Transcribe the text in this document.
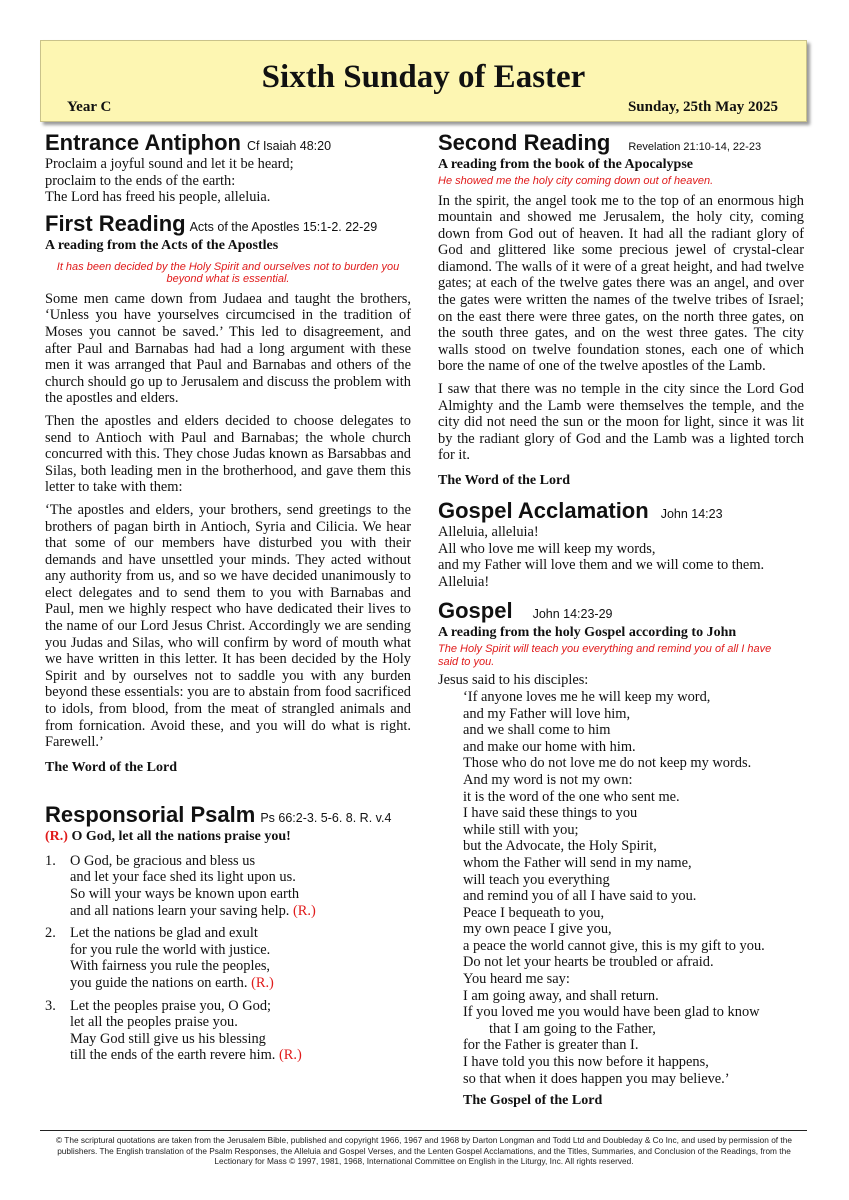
Sixth Sunday of Easter
Year C	Sunday, 25th May 2025
Entrance Antiphon Cf Isaiah 48:20
Proclaim a joyful sound and let it be heard;
proclaim to the ends of the earth:
The Lord has freed his people, alleluia.
First Reading Acts of the Apostles 15:1-2. 22-29
A reading from the Acts of the Apostles
It has been decided by the Holy Spirit and ourselves not to burden you beyond what is essential.

Some men came down from Judaea and taught the brothers, ‘Unless you have yourselves circumcised in the tradition of Moses you cannot be saved.’ This led to disagreement, and after Paul and Barnabas had had a long argument with these men it was arranged that Paul and Barnabas and others of the church should go up to Jerusalem and discuss the problem with the apostles and elders.

Then the apostles and elders decided to choose delegates to send to Antioch with Paul and Barnabas; the whole church concurred with this. They chose Judas known as Barsabbas and Silas, both leading men in the brotherhood, and gave them this letter to take with them:

‘The apostles and elders, your brothers, send greetings to the brothers of pagan birth in Antioch, Syria and Cilicia. We hear that some of our members have disturbed you with their demands and have unsettled your minds. They acted without any authority from us, and so we have decided unanimously to elect delegates and to send them to you with Barnabas and Paul, men we highly respect who have dedicated their lives to the name of our Lord Jesus Christ. Accordingly we are sending you Judas and Silas, who will confirm by word of mouth what we have written in this letter. It has been decided by the Holy Spirit and by ourselves not to saddle you with any burden beyond these essentials: you are to abstain from food sacrificed to idols, from blood, from the meat of strangled animals and from fornication. Avoid these, and you will do what is right. Farewell.’

The Word of the Lord
Responsorial Psalm Ps 66:2-3. 5-6. 8. R. v.4
(R.) O God, let all the nations praise you!
1. O God, be gracious and bless us
and let your face shed its light upon us.
So will your ways be known upon earth
and all nations learn your saving help. (R.)
2. Let the nations be glad and exult
for you rule the world with justice.
With fairness you rule the peoples,
you guide the nations on earth. (R.)
3. Let the peoples praise you, O God;
let all the peoples praise you.
May God still give us his blessing
till the ends of the earth revere him. (R.)
Second Reading Revelation 21:10-14, 22-23
A reading from the book of the Apocalypse
He showed me the holy city coming down out of heaven.

In the spirit, the angel took me to the top of an enormous high mountain and showed me Jerusalem, the holy city, coming down from God out of heaven. It had all the radiant glory of God and glittered like some precious jewel of crystal-clear diamond. The walls of it were of a great height, and had twelve gates; at each of the twelve gates there was an angel, and over the gates were written the names of the twelve tribes of Israel; on the east there were three gates, on the north three gates, on the south three gates, and on the west three gates. The city walls stood on twelve foundation stones, each one of which bore the name of one of the twelve apostles of the Lamb.

I saw that there was no temple in the city since the Lord God Almighty and the Lamb were themselves the temple, and the city did not need the sun or the moon for light, since it was lit by the radiant glory of God and the Lamb was a lighted torch for it.

The Word of the Lord
Gospel Acclamation John 14:23
Alleluia, alleluia!
All who love me will keep my words,
and my Father will love them and we will come to them.
Alleluia!
Gospel John 14:23-29
A reading from the holy Gospel according to John
The Holy Spirit will teach you everything and remind you of all I have said to you.
Jesus said to his disciples:
‘If anyone loves me he will keep my word,
and my Father will love him,
and we shall come to him
and make our home with him.
Those who do not love me do not keep my words.
And my word is not my own:
it is the word of the one who sent me.
I have said these things to you
while still with you;
but the Advocate, the Holy Spirit,
whom the Father will send in my name,
will teach you everything
and remind you of all I have said to you.
Peace I bequeath to you,
my own peace I give you,
a peace the world cannot give, this is my gift to you.
Do not let your hearts be troubled or afraid.
You heard me say:
I am going away, and shall return.
If you loved me you would have been glad to know
that I am going to the Father,
for the Father is greater than I.
I have told you this now before it happens,
so that when it does happen you may believe.’
The Gospel of the Lord
© The scriptural quotations are taken from the Jerusalem Bible, published and copyright 1966, 1967 and 1968 by Darton Longman and Todd Ltd and Doubleday & Co Inc, and used by permission of the publishers. The English translation of the Psalm Responses, the Alleluia and Gospel Verses, and the Lenten Gospel Acclamations, and the Titles, Summaries, and Conclusion of the Readings, from the Lectionary for Mass © 1997, 1981, 1968, International Committee on English in the Liturgy, Inc. All rights reserved.
